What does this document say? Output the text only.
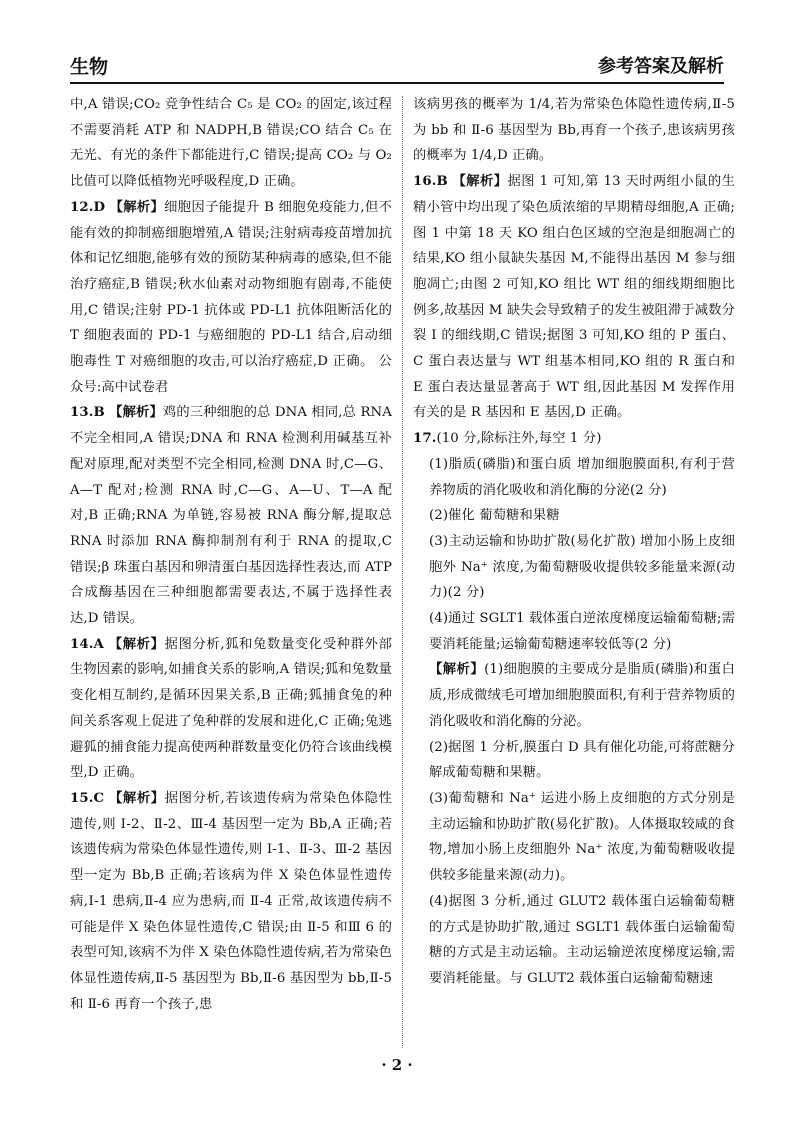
生物	参考答案及解析

中,A 错误;CO₂ 竞争性结合 C₅ 是 CO₂ 的固定,该过程不需要消耗 ATP 和 NADPH,B 错误;CO 结合 C₅ 在无光、有光的条件下都能进行,C 错误;提高 CO₂ 与 O₂ 比值可以降低植物光呼吸程度,D 正确。

12.D 【解析】细胞因子能提升 B 细胞免疫能力,但不能有效的抑制癌细胞增殖,A 错误;注射病毒疫苗增加抗体和记忆细胞,能够有效的预防某种病毒的感染,但不能治疗癌症,B 错误;秋水仙素对动物细胞有剧毒,不能使用,C 错误;注射 PD-1 抗体或 PD-L1 抗体阻断活化的 T 细胞表面的 PD-1 与癌细胞的 PD-L1 结合,启动细胞毒性 T 对癌细胞的攻击,可以治疗癌症,D 正确。 公众号:高中试卷君

13.B 【解析】鸡的三种细胞的总 DNA 相同,总 RNA 不完全相同,A 错误;DNA 和 RNA 检测利用碱基互补配对原理,配对类型不完全相同,检测 DNA 时,C—G、A—T 配对;检测 RNA 时,C—G、A—U、T—A 配对,B 正确;RNA 为单链,容易被 RNA 酶分解,提取总 RNA 时添加 RNA 酶抑制剂有利于 RNA 的提取,C 错误;β 珠蛋白基因和卵清蛋白基因选择性表达,而 ATP 合成酶基因在三种细胞都需要表达,不属于选择性表达,D 错误。

14.A 【解析】据图分析,狐和兔数量变化受种群外部生物因素的影响,如捕食关系的影响,A 错误;狐和兔数量变化相互制约,是循环因果关系,B 正确;狐捕食兔的种间关系客观上促进了兔种群的发展和进化,C 正确;兔逃避狐的捕食能力提高使两种群数量变化仍符合该曲线模型,D 正确。

15.C 【解析】据图分析,若该遗传病为常染色体隐性遗传,则 Ⅰ-2、Ⅱ-2、Ⅲ-4 基因型一定为 Bb,A 正确;若该遗传病为常染色体显性遗传,则 Ⅰ-1、Ⅱ-3、Ⅲ-2 基因型一定为 Bb,B 正确;若该病为伴 X 染色体显性遗传病,Ⅰ-1 患病,Ⅱ-4 应为患病,而 Ⅱ-4 正常,故该遗传病不可能是伴 X 染色体显性遗传,C 错误;由 Ⅱ-5 和Ⅲ 6 的表型可知,该病不为伴 X 染色体隐性遗传病,若为常染色体显性遗传病,Ⅱ-5 基因型为 Bb,Ⅱ-6 基因型为 bb,Ⅱ-5 和 Ⅱ-6 再育一个孩子,患

该病男孩的概率为 1/4,若为常染色体隐性遗传病,Ⅱ-5 为 bb 和 Ⅱ-6 基因型为 Bb,再育一个孩子,患该病男孩的概率为 1/4,D 正确。

16.B 【解析】据图 1 可知,第 13 天时两组小鼠的生精小管中均出现了染色质浓缩的早期精母细胞,A 正确;图 1 中第 18 天 KO 组白色区域的空泡是细胞凋亡的结果,KO 组小鼠缺失基因 M,不能得出基因 M 参与细胞凋亡;由图 2 可知,KO 组比 WT 组的细线期细胞比例多,故基因 M 缺失会导致精子的发生被阻滞于减数分裂 Ⅰ 的细线期,C 错误;据图 3 可知,KO 组的 P 蛋白、C 蛋白表达量与 WT 组基本相同,KO 组的 R 蛋白和 E 蛋白表达量显著高于 WT 组,因此基因 M 发挥作用有关的是 R 基因和 E 基因,D 正确。

17.(10 分,除标注外,每空 1 分)

(1)脂质(磷脂)和蛋白质 增加细胞膜面积,有利于营养物质的消化吸收和消化酶的分泌(2 分)

(2)催化 葡萄糖和果糖

(3)主动运输和协助扩散(易化扩散) 增加小肠上皮细胞外 Na⁺ 浓度,为葡萄糖吸收提供较多能量来源(动力)(2 分)

(4)通过 SGLT1 载体蛋白逆浓度梯度运输葡萄糖;需要消耗能量;运输葡萄糖速率较低等(2 分)

【解析】(1)细胞膜的主要成分是脂质(磷脂)和蛋白质,形成微绒毛可增加细胞膜面积,有利于营养物质的消化吸收和消化酶的分泌。

(2)据图 1 分析,膜蛋白 D 具有催化功能,可将蔗糖分解成葡萄糖和果糖。

(3)葡萄糖和 Na⁺ 运进小肠上皮细胞的方式分别是主动运输和协助扩散(易化扩散)。人体摄取较咸的食物,增加小肠上皮细胞外 Na⁺ 浓度,为葡萄糖吸收提供较多能量来源(动力)。

(4)据图 3 分析,通过 GLUT2 载体蛋白运输葡萄糖的方式是协助扩散,通过 SGLT1 载体蛋白运输葡萄糖的方式是主动运输。主动运输逆浓度梯度运输,需要消耗能量。与 GLUT2 载体蛋白运输葡萄糖速

· 2 ·
